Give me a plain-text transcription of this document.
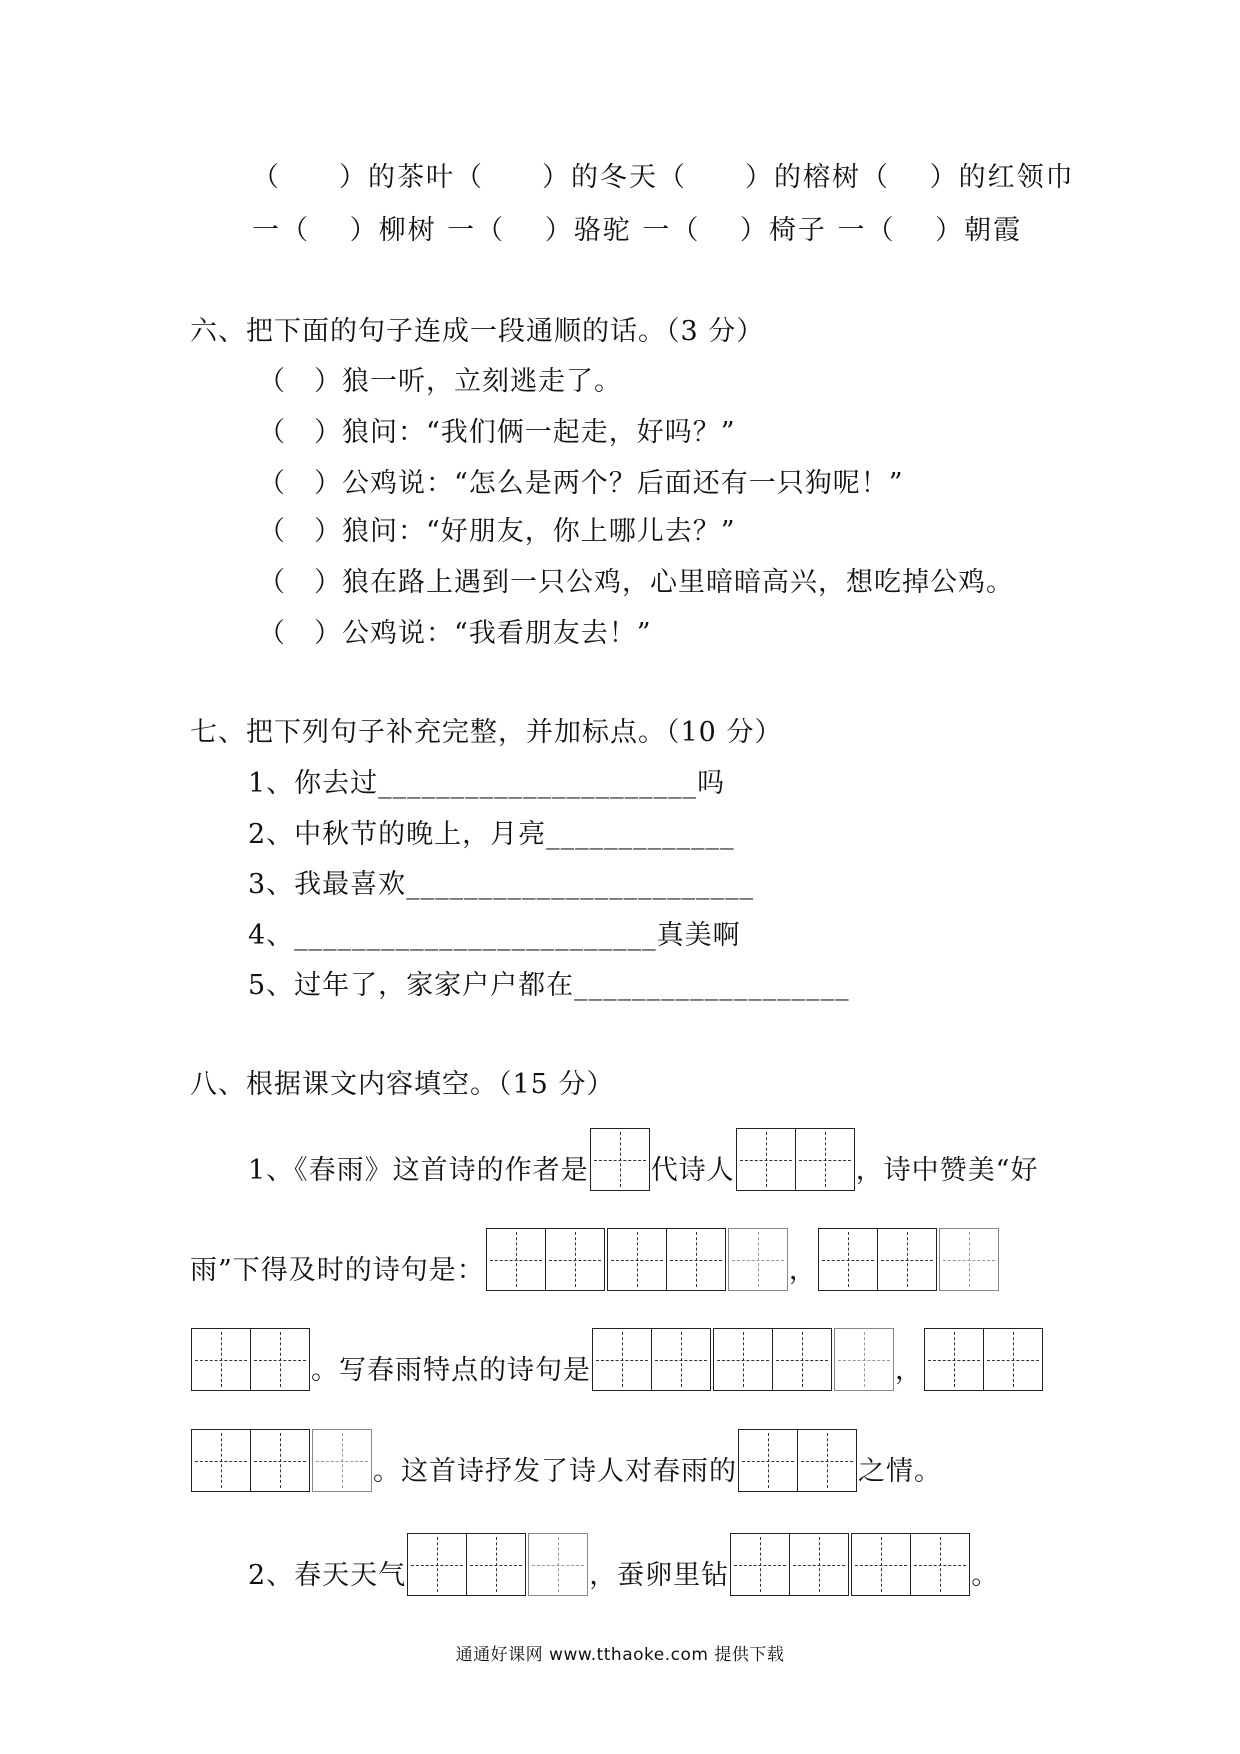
（　　）的茶叶（　　）的冬天（　　）的榕树（　 ）的红领巾
一（　 ）柳树 一（　 ）骆驼 一（　 ）椅子 一（　 ）朝霞
六、把下面的句子连成一段通顺的话。（3 分）
（　）狼一听，立刻逃走了。
（　）狼问：“我们俩一起走，好吗？”
（　）公鸡说：“怎么是两个？后面还有一只狗呢！”
（　）狼问：“好朋友，你上哪儿去？”
（　）狼在路上遇到一只公鸡，心里暗暗高兴，想吃掉公鸡。
（　）公鸡说：“我看朋友去！”
七、把下列句子补充完整，并加标点。（10 分）
1、你去过______________________吗
2、中秋节的晚上，月亮_____________
3、我最喜欢________________________
4、_________________________真美啊
5、过年了，家家户户都在___________________
八、根据课文内容填空。（15 分）
1、《春雨》这首诗的作者是 代诗人	，诗中赞美“好
雨”下得及时的诗句是：	，
。写春雨特点的诗句是	，
。这首诗抒发了诗人对春雨的	之情。
2、春天天气	，蚕卵里钻	。
通通好课网 www.tthaoke.com 提供下载
